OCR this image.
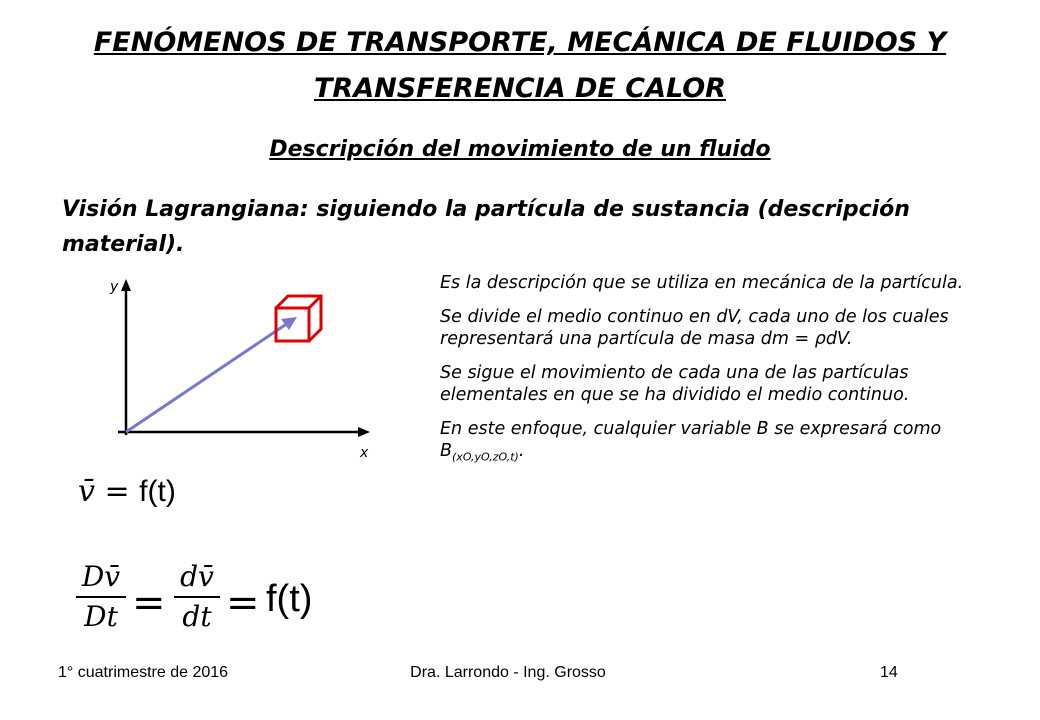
FENÓMENOS DE TRANSPORTE, MECÁNICA DE FLUIDOS Y TRANSFERENCIA DE CALOR
Descripción del movimiento de un fluido
Visión Lagrangiana: siguiendo la partícula de sustancia (descripción material).
y
x
v̄ = f(t)
Dv̄
Dt =
dv̄
dt = f(t)

Es la descripción que se utiliza en mecánica de la partícula.

Se divide el medio continuo en dV, cada uno de los cuales representará una partícula de masa dm = ρdV.

Se sigue el movimiento de cada una de las partículas elementales en que se ha dividido el medio continuo.

En este enfoque, cualquier variable B se expresará como $B_{(xO,yO,zO,t)}$.

1° cuatrimestre de 2016	Dra. Larrondo - Ing. Grosso	14
